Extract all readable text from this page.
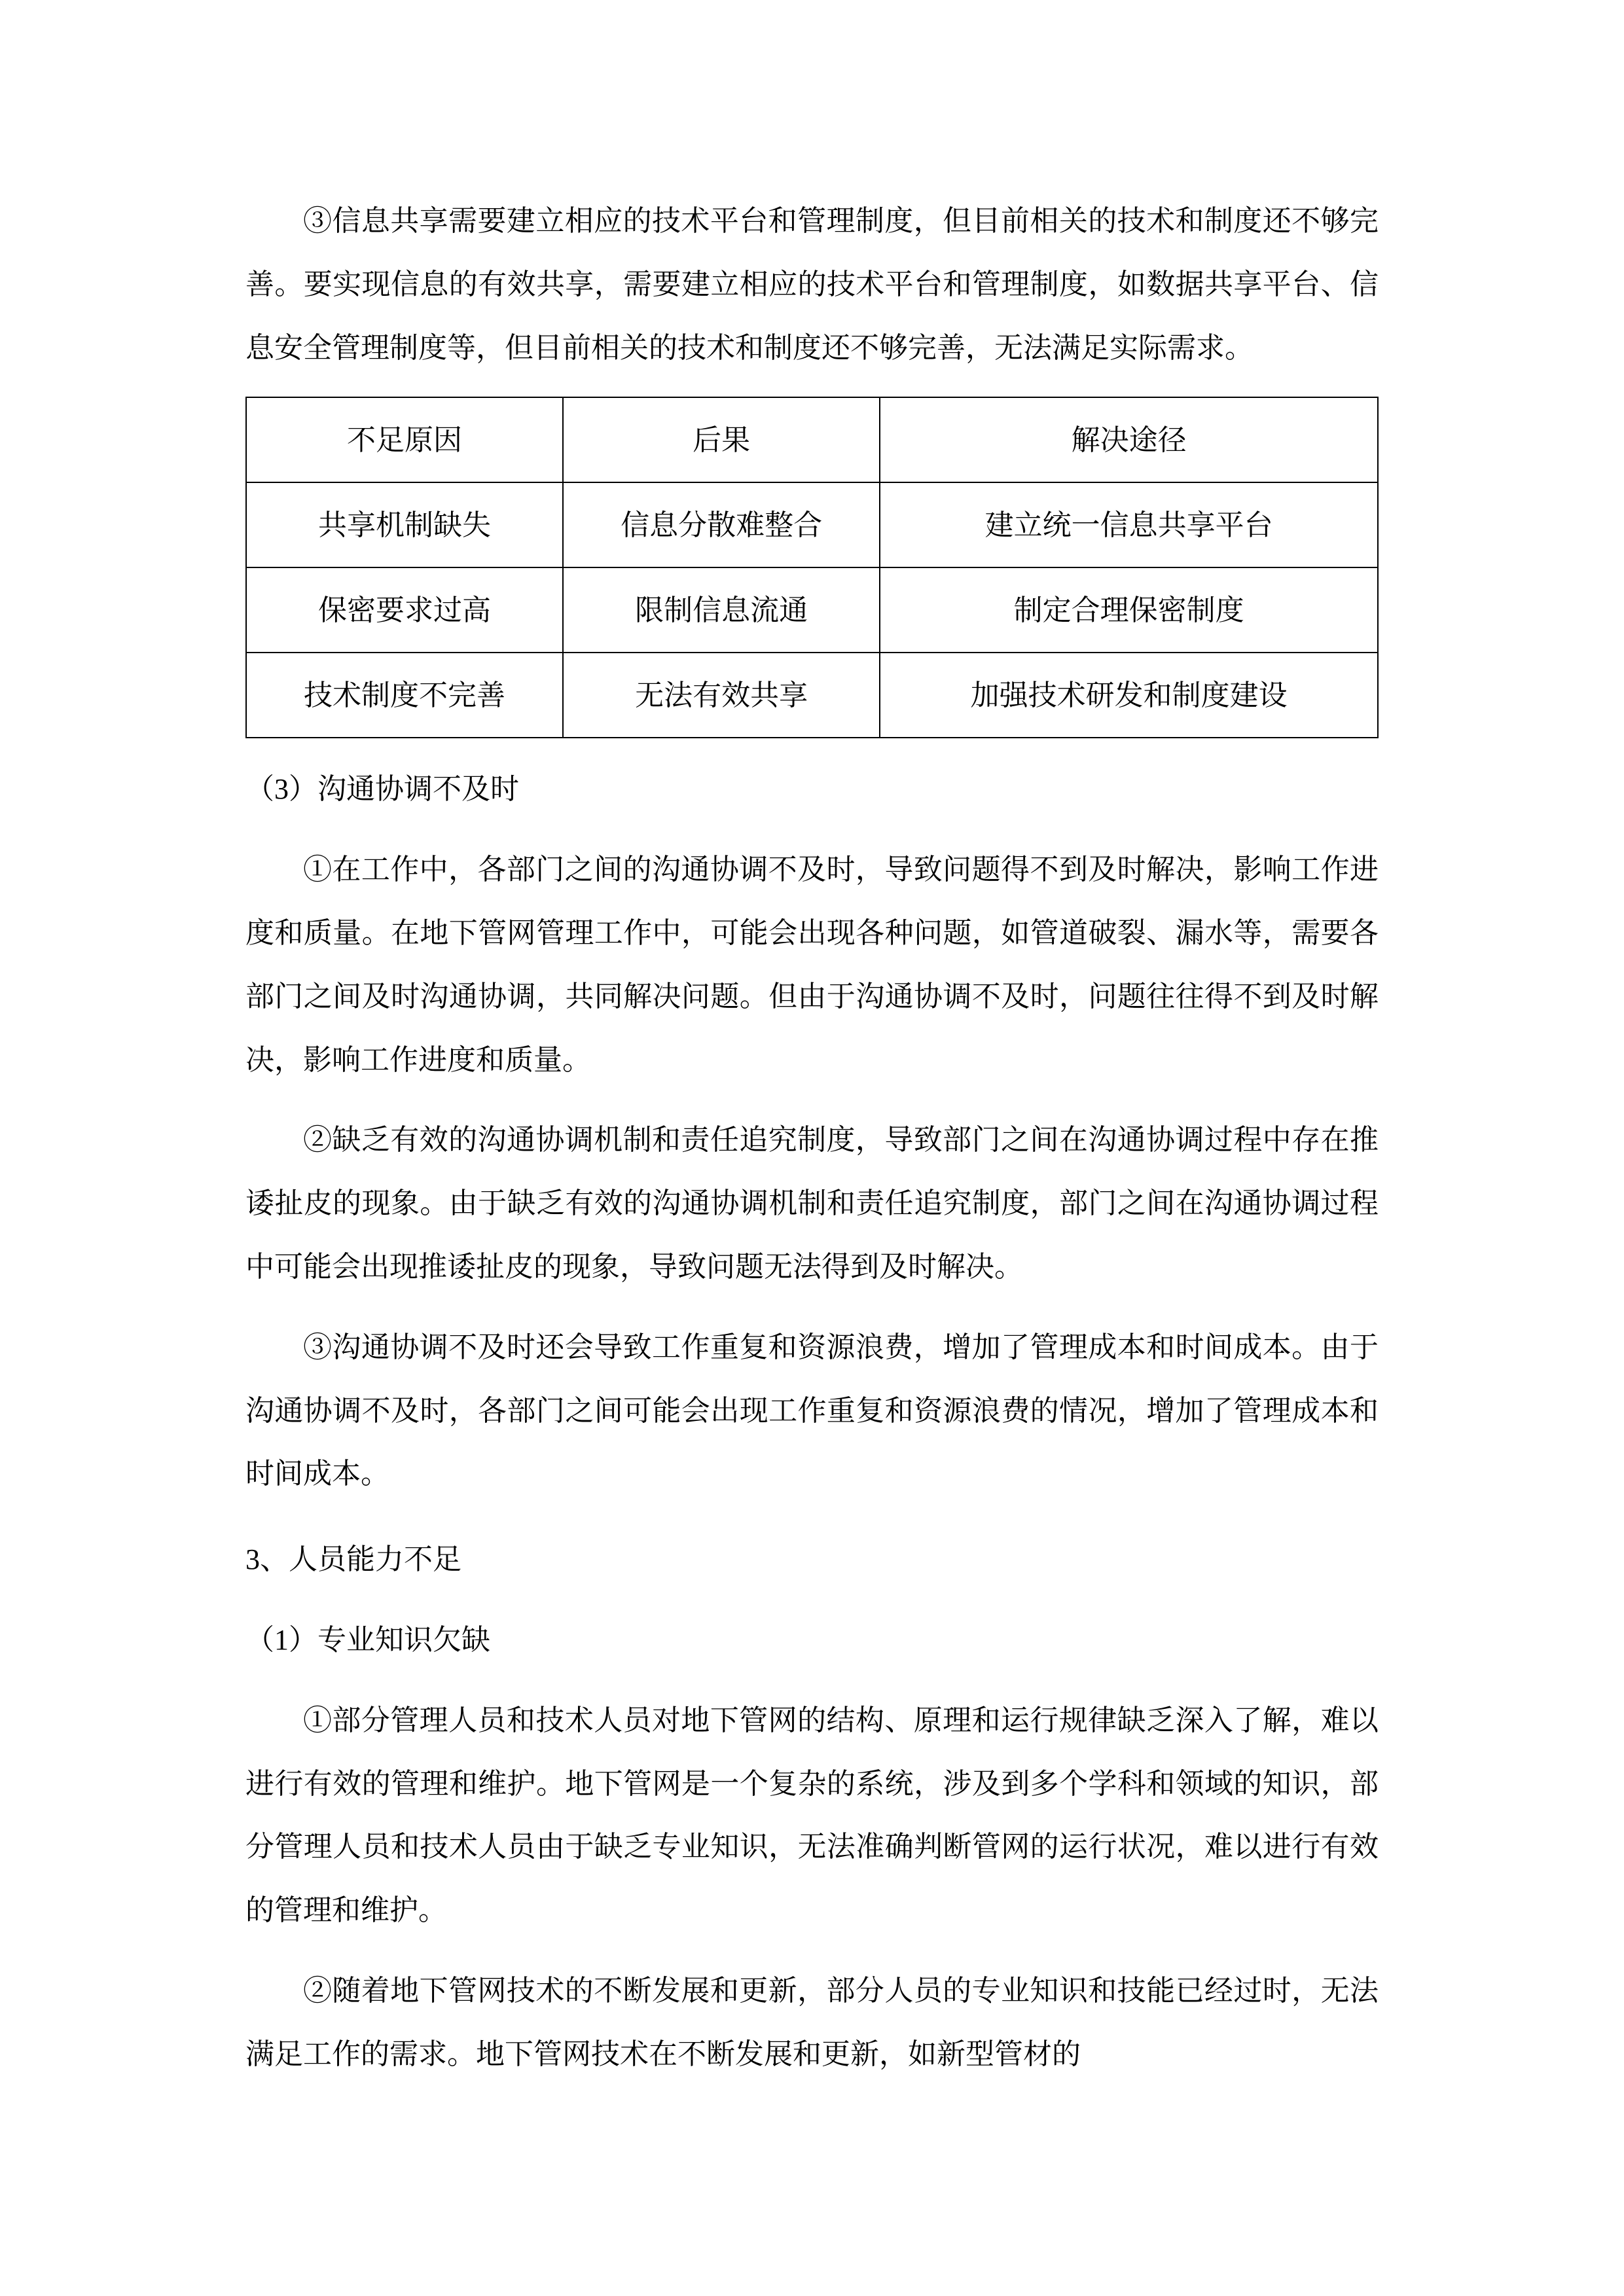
③信息共享需要建立相应的技术平台和管理制度，但目前相关的技术和制度还不够完善。要实现信息的有效共享，需要建立相应的技术平台和管理制度，如数据共享平台、信息安全管理制度等，但目前相关的技术和制度还不够完善，无法满足实际需求。

不足原因	后果	解决途径
共享机制缺失	信息分散难整合	建立统一信息共享平台
保密要求过高	限制信息流通	制定合理保密制度
技术制度不完善	无法有效共享	加强技术研发和制度建设

（3）沟通协调不及时

①在工作中，各部门之间的沟通协调不及时，导致问题得不到及时解决，影响工作进度和质量。在地下管网管理工作中，可能会出现各种问题，如管道破裂、漏水等，需要各部门之间及时沟通协调，共同解决问题。但由于沟通协调不及时，问题往往得不到及时解决，影响工作进度和质量。

②缺乏有效的沟通协调机制和责任追究制度，导致部门之间在沟通协调过程中存在推诿扯皮的现象。由于缺乏有效的沟通协调机制和责任追究制度，部门之间在沟通协调过程中可能会出现推诿扯皮的现象，导致问题无法得到及时解决。

③沟通协调不及时还会导致工作重复和资源浪费，增加了管理成本和时间成本。由于沟通协调不及时，各部门之间可能会出现工作重复和资源浪费的情况，增加了管理成本和时间成本。

3、人员能力不足

（1）专业知识欠缺

①部分管理人员和技术人员对地下管网的结构、原理和运行规律缺乏深入了解，难以进行有效的管理和维护。地下管网是一个复杂的系统，涉及到多个学科和领域的知识，部分管理人员和技术人员由于缺乏专业知识，无法准确判断管网的运行状况，难以进行有效的管理和维护。

②随着地下管网技术的不断发展和更新，部分人员的专业知识和技能已经过时，无法满足工作的需求。地下管网技术在不断发展和更新，如新型管材的
